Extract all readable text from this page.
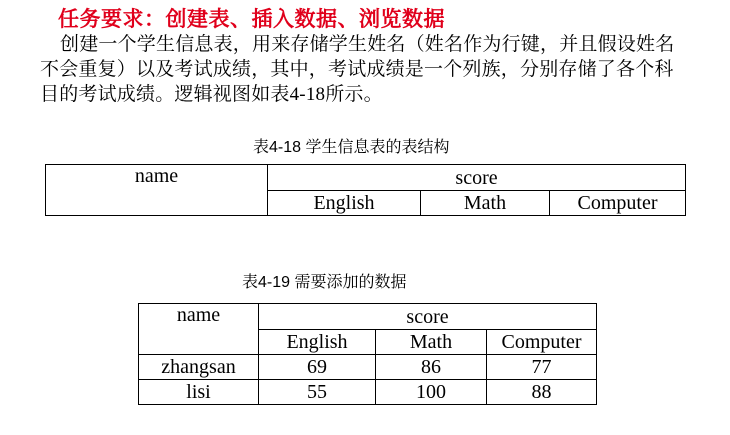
任务要求：创建表、插入数据、浏览数据
创建一个学生信息表，用来存储学生姓名（姓名作为行键，并且假设姓名不会重复）以及考试成绩，其中，考试成绩是一个列族，分别存储了各个科目的考试成绩。逻辑视图如表4-18所示。
表4-18 学生信息表的表结构
name	score		
	English	Math	Computer
表4-19 需要添加的数据
name	score		
	English	Math	Computer
zhangsan	69	86	77
lisi	55	100	88
